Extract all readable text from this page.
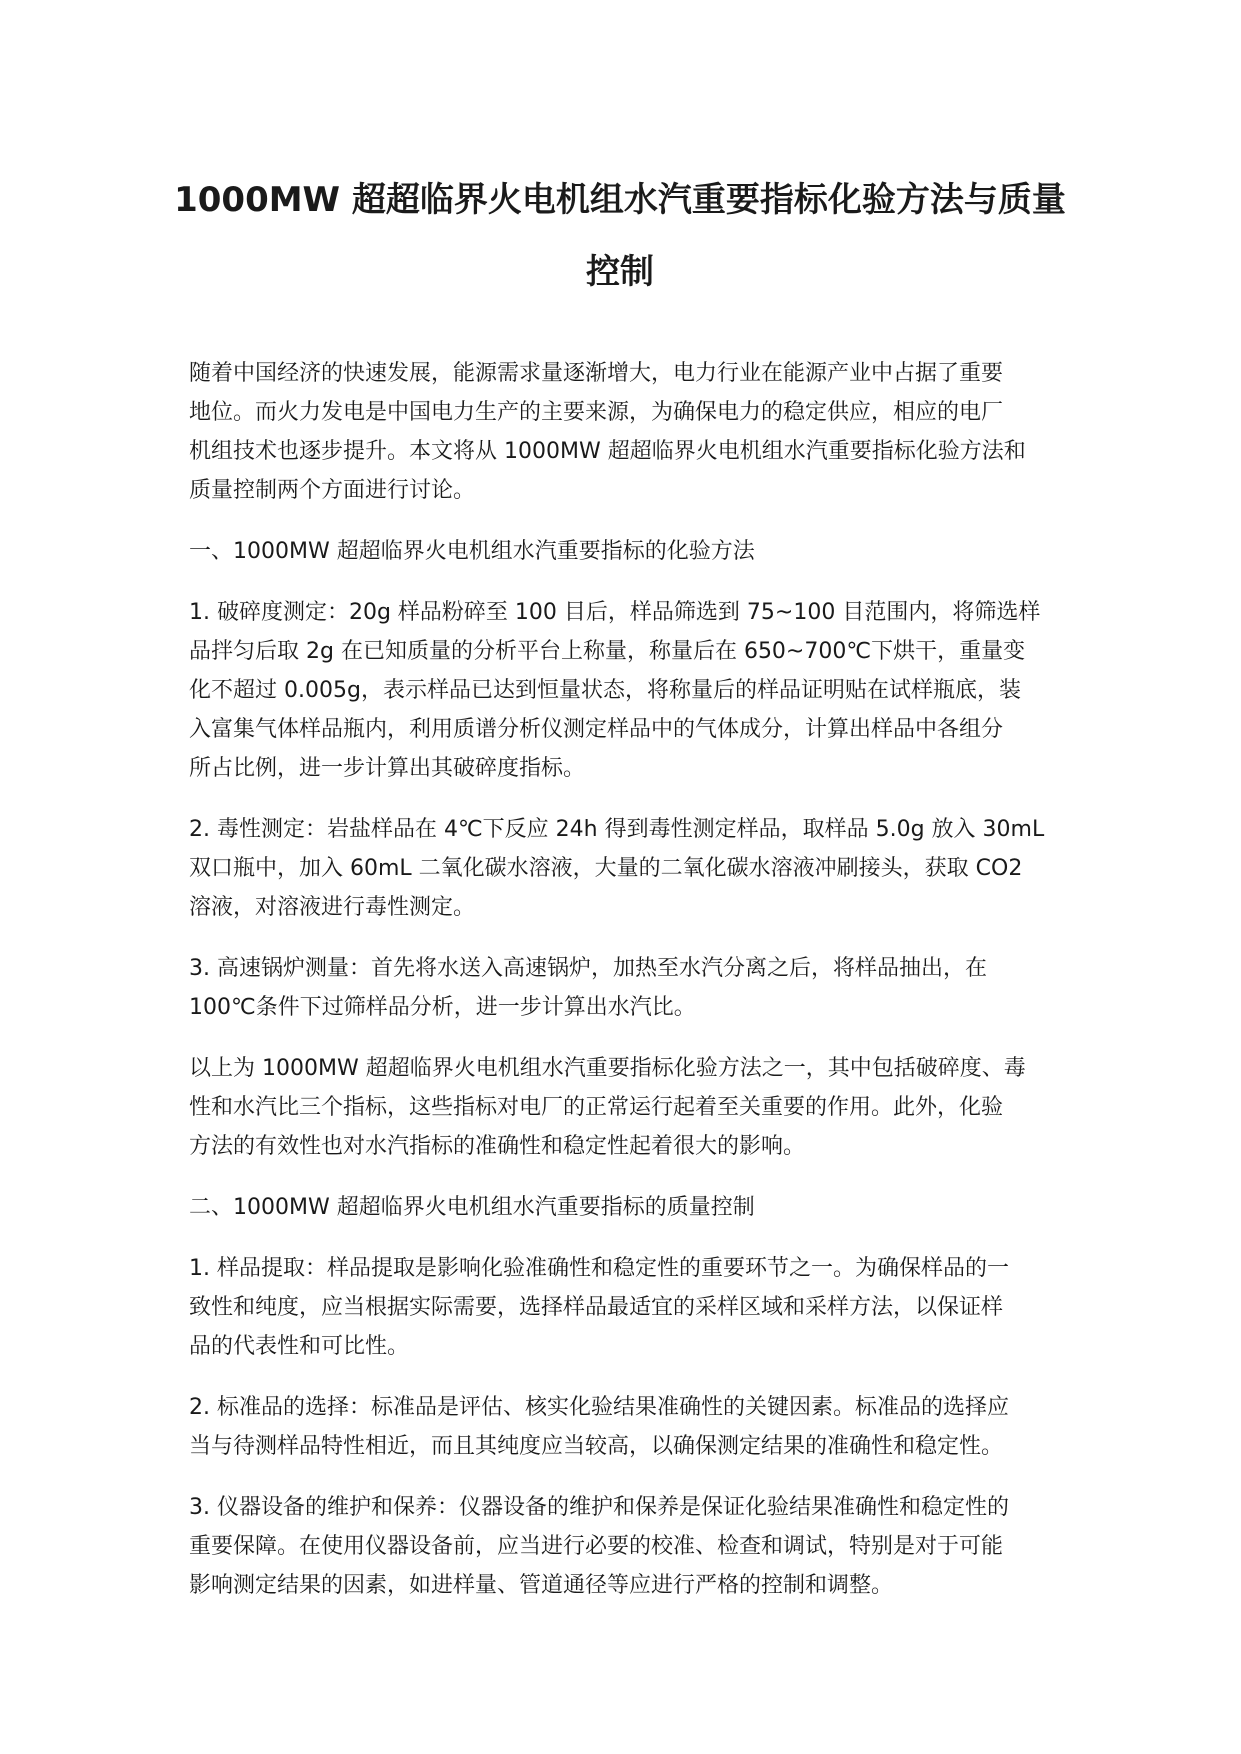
1000MW 超超临界火电机组水汽重要指标化验方法与质量
控制

随着中国经济的快速发展，能源需求量逐渐增大，电力行业在能源产业中占据了重要
地位。而火力发电是中国电力生产的主要来源，为确保电力的稳定供应，相应的电厂
机组技术也逐步提升。本文将从 1000MW 超超临界火电机组水汽重要指标化验方法和
质量控制两个方面进行讨论。

一、1000MW 超超临界火电机组水汽重要指标的化验方法

1. 破碎度测定：20g 样品粉碎至 100 目后，样品筛选到 75~100 目范围内，将筛选样
品拌匀后取 2g 在已知质量的分析平台上称量，称量后在 650~700℃下烘干，重量变
化不超过 0.005g，表示样品已达到恒量状态，将称量后的样品证明贴在试样瓶底，装
入富集气体样品瓶内，利用质谱分析仪测定样品中的气体成分，计算出样品中各组分
所占比例，进一步计算出其破碎度指标。

2. 毒性测定：岩盐样品在 4℃下反应 24h 得到毒性测定样品，取样品 5.0g 放入 30mL
双口瓶中，加入 60mL 二氧化碳水溶液，大量的二氧化碳水溶液冲刷接头，获取 CO2
溶液，对溶液进行毒性测定。

3. 高速锅炉测量：首先将水送入高速锅炉，加热至水汽分离之后，将样品抽出，在
100℃条件下过筛样品分析，进一步计算出水汽比。

以上为 1000MW 超超临界火电机组水汽重要指标化验方法之一，其中包括破碎度、毒
性和水汽比三个指标，这些指标对电厂的正常运行起着至关重要的作用。此外，化验
方法的有效性也对水汽指标的准确性和稳定性起着很大的影响。

二、1000MW 超超临界火电机组水汽重要指标的质量控制

1. 样品提取：样品提取是影响化验准确性和稳定性的重要环节之一。为确保样品的一
致性和纯度，应当根据实际需要，选择样品最适宜的采样区域和采样方法，以保证样
品的代表性和可比性。

2. 标准品的选择：标准品是评估、核实化验结果准确性的关键因素。标准品的选择应
当与待测样品特性相近，而且其纯度应当较高，以确保测定结果的准确性和稳定性。

3. 仪器设备的维护和保养：仪器设备的维护和保养是保证化验结果准确性和稳定性的
重要保障。在使用仪器设备前，应当进行必要的校准、检查和调试，特别是对于可能
影响测定结果的因素，如进样量、管道通径等应进行严格的控制和调整。
